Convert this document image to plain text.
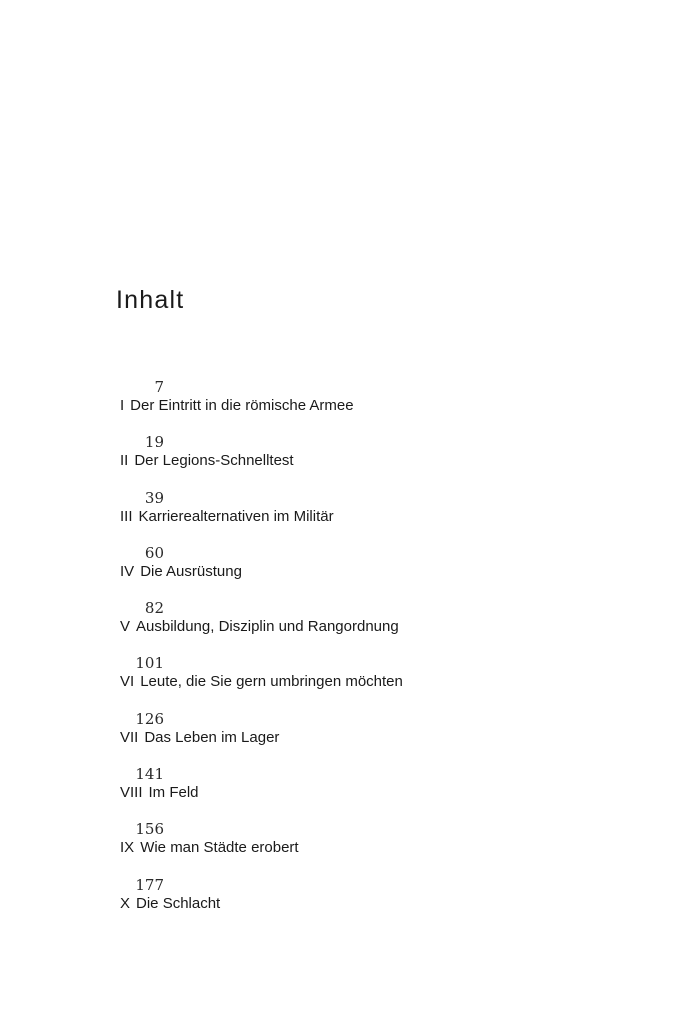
Inhalt
7
I Der Eintritt in die römische Armee
19
II Der Legions-Schnelltest
39
III Karrierealternativen im Militär
60
IV Die Ausrüstung
82
V Ausbildung, Disziplin und Rangordnung
101
VI Leute, die Sie gern umbringen möchten
126
VII Das Leben im Lager
141
VIII Im Feld
156
IX Wie man Städte erobert
177
X Die Schlacht
